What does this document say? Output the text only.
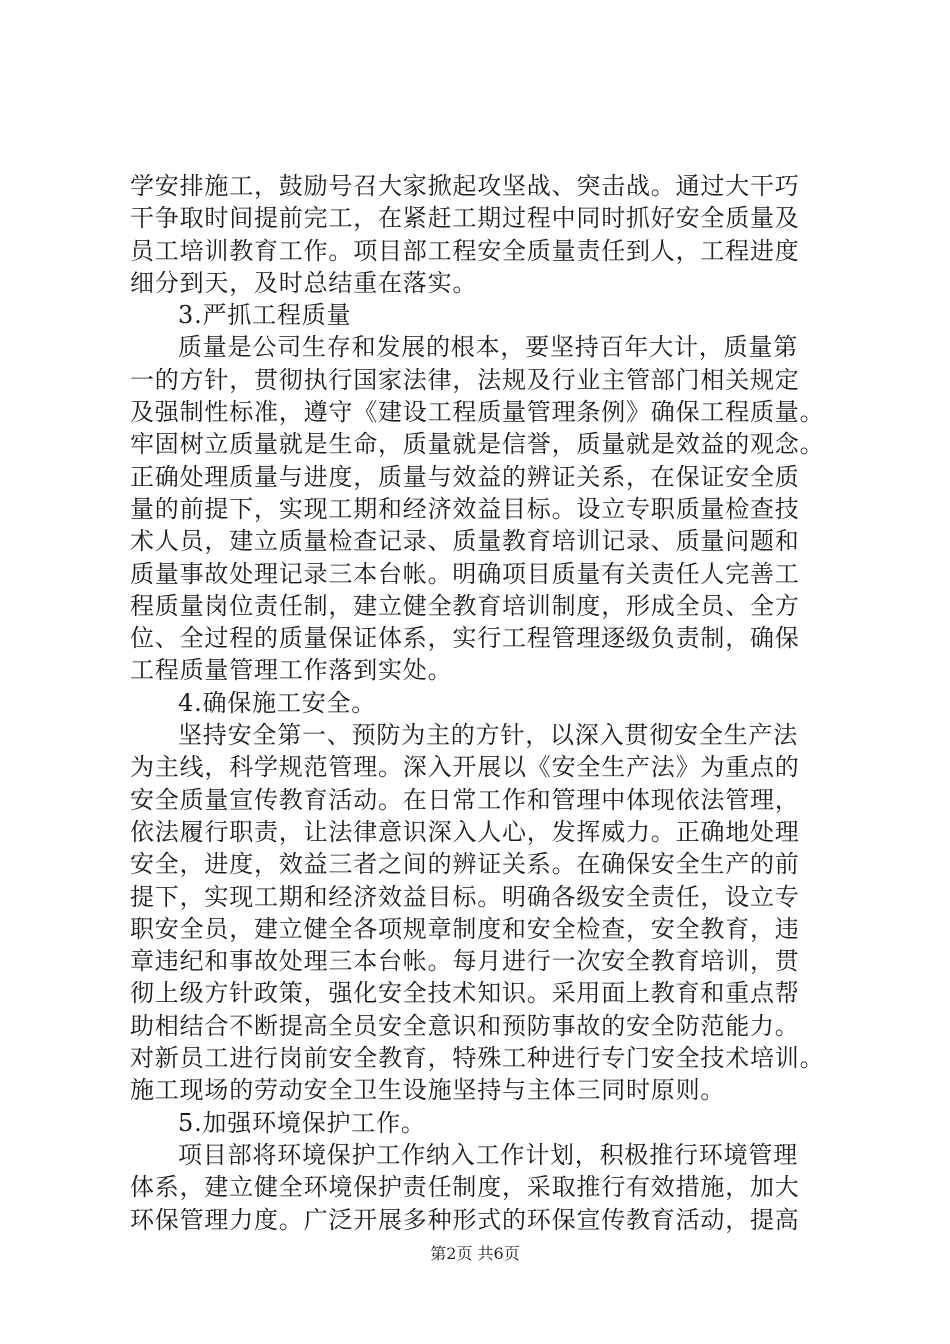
学安排施工，鼓励号召大家掀起攻坚战、突击战。通过大干巧
干争取时间提前完工，在紧赶工期过程中同时抓好安全质量及
员工培训教育工作。项目部工程安全质量责任到人，工程进度
细分到天，及时总结重在落实。
3.严抓工程质量
质量是公司生存和发展的根本，要坚持百年大计，质量第
一的方针，贯彻执行国家法律，法规及行业主管部门相关规定
及强制性标准，遵守《建设工程质量管理条例》确保工程质量。
牢固树立质量就是生命，质量就是信誉，质量就是效益的观念。
正确处理质量与进度，质量与效益的辨证关系，在保证安全质
量的前提下，实现工期和经济效益目标。设立专职质量检查技
术人员，建立质量检查记录、质量教育培训记录、质量问题和
质量事故处理记录三本台帐。明确项目质量有关责任人完善工
程质量岗位责任制，建立健全教育培训制度，形成全员、全方
位、全过程的质量保证体系，实行工程管理逐级负责制，确保
工程质量管理工作落到实处。
4.确保施工安全。
坚持安全第一、预防为主的方针，以深入贯彻安全生产法
为主线，科学规范管理。深入开展以《安全生产法》为重点的
安全质量宣传教育活动。在日常工作和管理中体现依法管理，
依法履行职责，让法律意识深入人心，发挥威力。正确地处理
安全，进度，效益三者之间的辨证关系。在确保安全生产的前
提下，实现工期和经济效益目标。明确各级安全责任，设立专
职安全员，建立健全各项规章制度和安全检查，安全教育，违
章违纪和事故处理三本台帐。每月进行一次安全教育培训，贯
彻上级方针政策，强化安全技术知识。采用面上教育和重点帮
助相结合不断提高全员安全意识和预防事故的安全防范能力。
对新员工进行岗前安全教育，特殊工种进行专门安全技术培训。
施工现场的劳动安全卫生设施坚持与主体三同时原则。
5.加强环境保护工作。
项目部将环境保护工作纳入工作计划，积极推行环境管理
体系，建立健全环境保护责任制度，采取推行有效措施，加大
环保管理力度。广泛开展多种形式的环保宣传教育活动，提高
第2页 共6页
